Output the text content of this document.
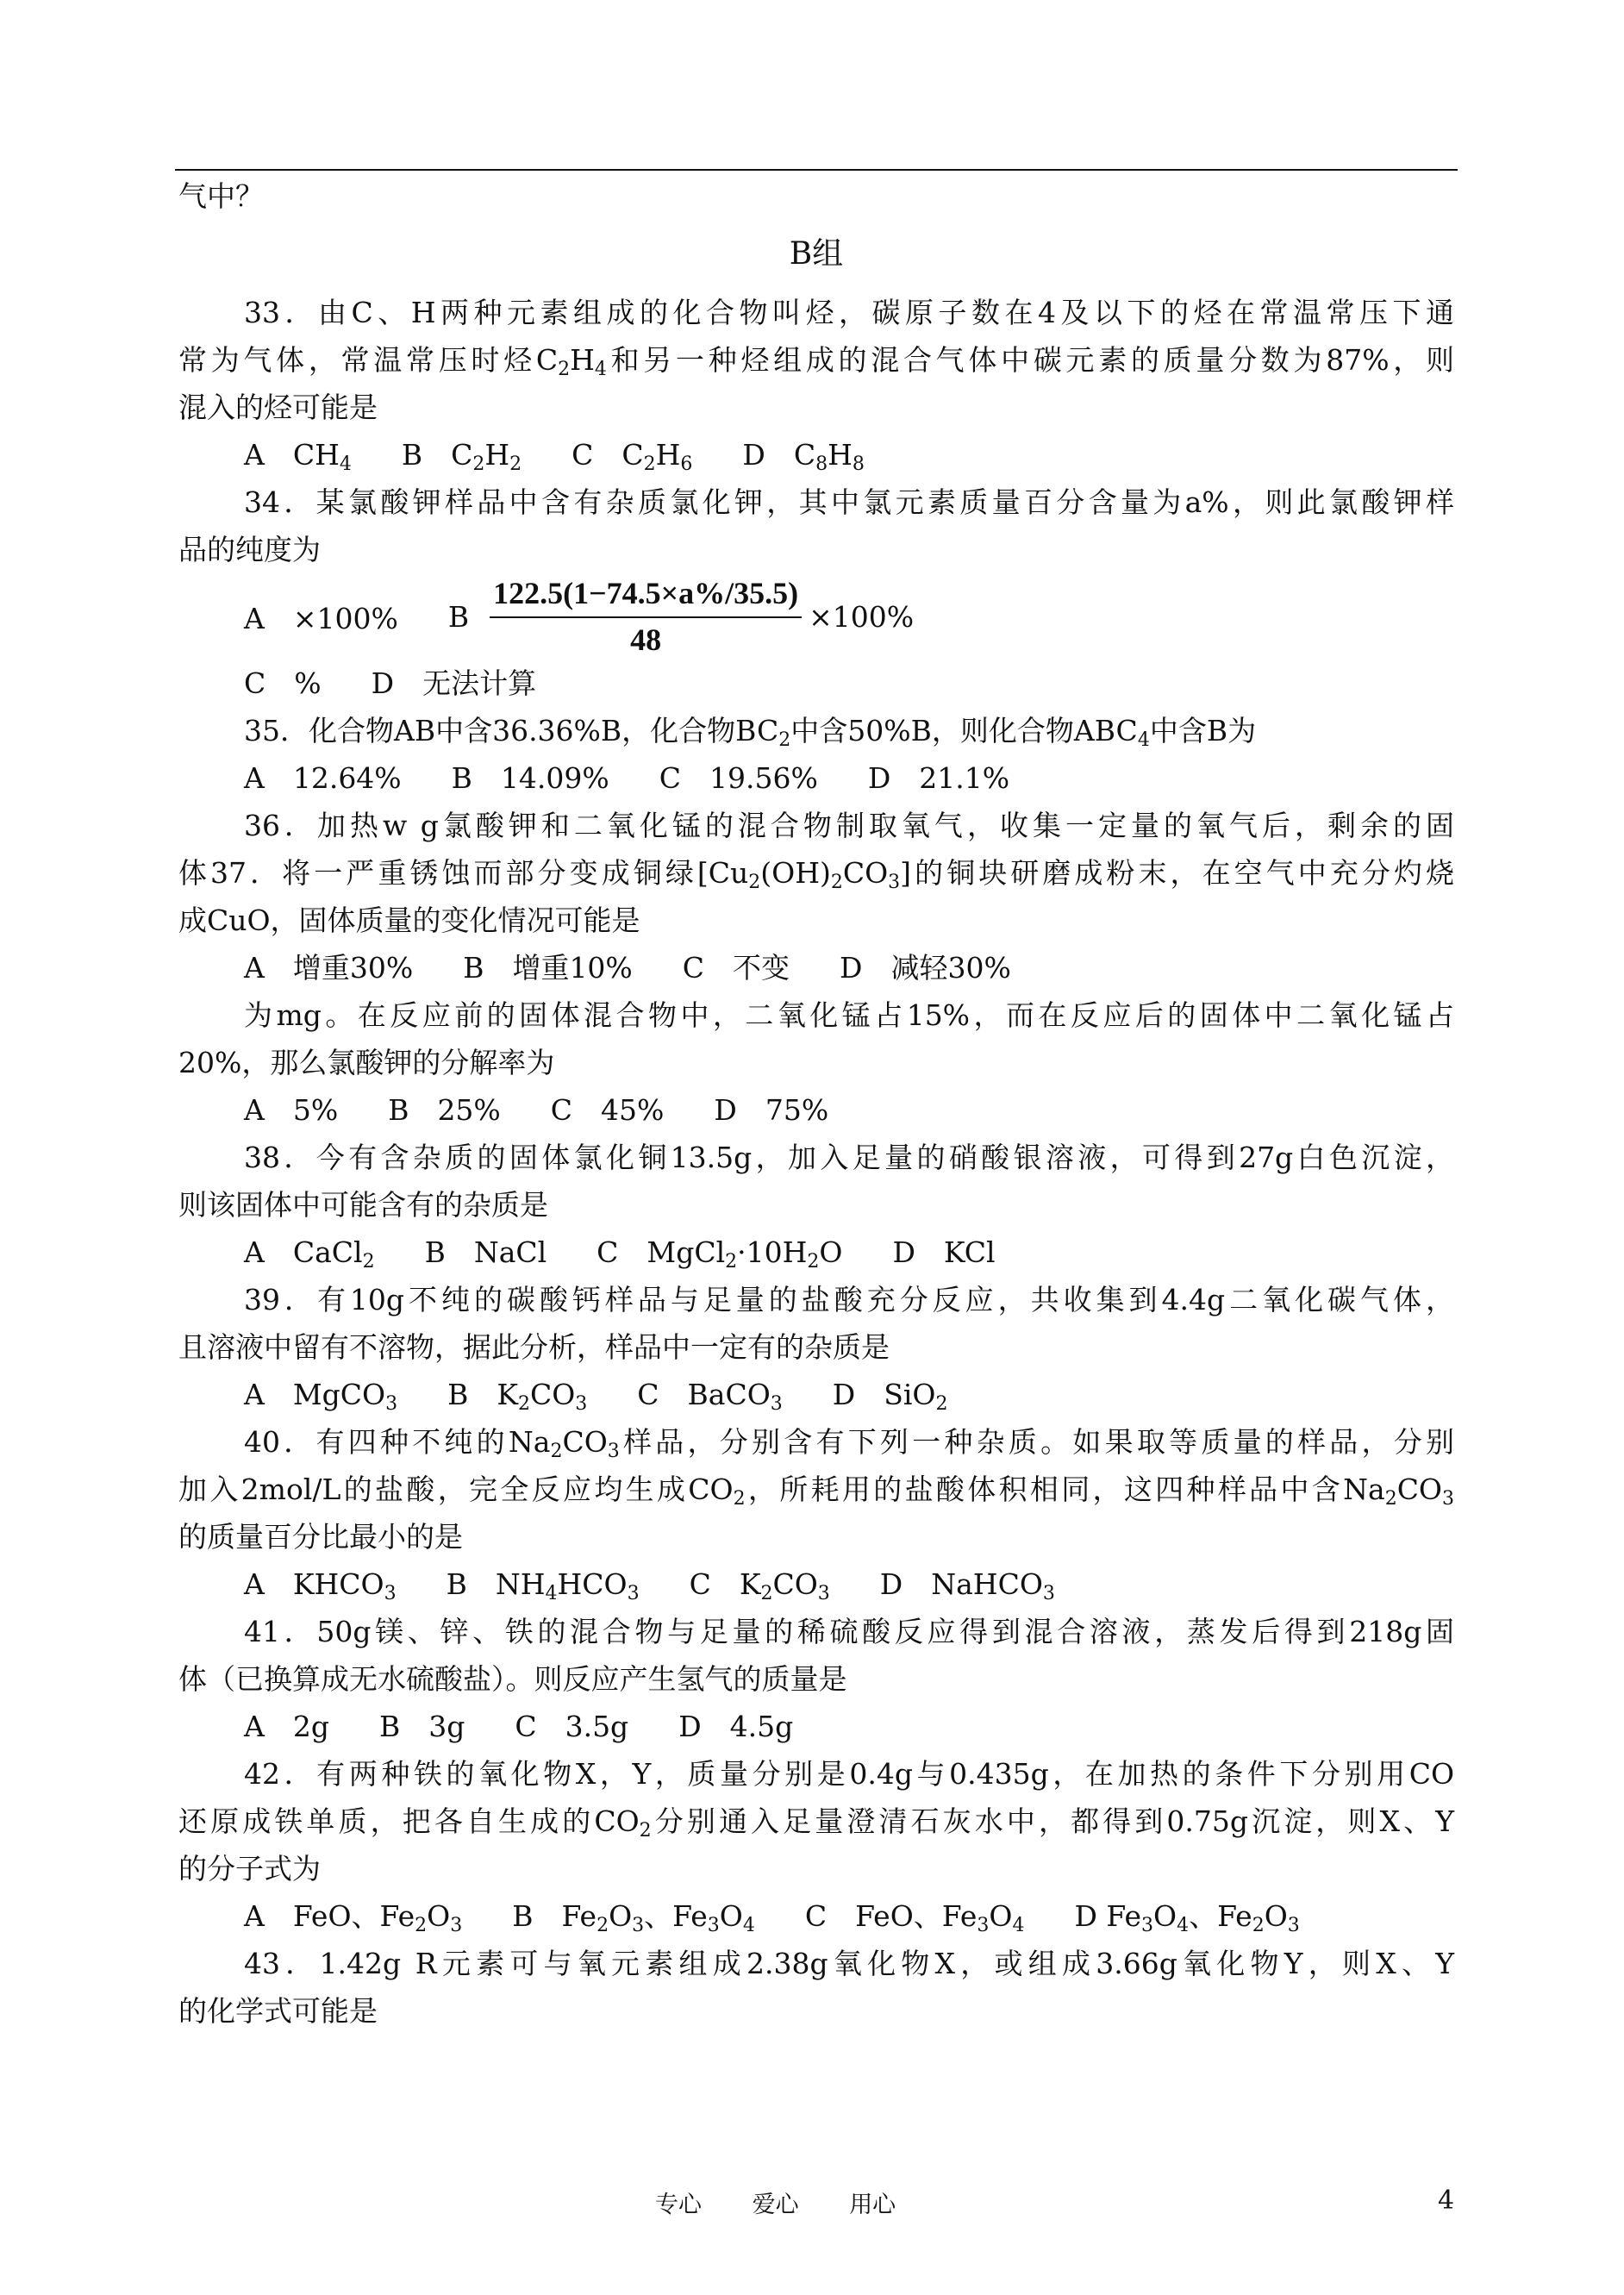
气中？
B组
33．由C、H两种元素组成的化合物叫烃，碳原子数在4及以下的烃在常温常压下通
常为气体，常温常压时烃$C_2H_4$和另一种烃组成的混合气体中碳元素的质量分数为87%，则
混入的烃可能是
A　$CH_4$ B　$C_2H_2$ C　$C_2H_6$ D　$C_8H_8$
34．某氯酸钾样品中含有杂质氯化钾，其中氯元素质量百分含量为a%，则此氯酸钾样
品的纯度为
A　×100% B $\frac{122.5(1-74.5\times a\%/35.5)}{48} \times 100\%$
C　% D　无法计算
35．化合物AB中含36.36%B，化合物$BC_2$中含50%B，则化合物$ABC_4$中含B为
A　12.64% B　14.09% C　19.56% D　21.1%
36．加热w g氯酸钾和二氧化锰的混合物制取氧气，收集一定量的氧气后，剩余的固
体37．将一严重锈蚀而部分变成铜绿$[Cu_2(OH)_2CO_3]$的铜块研磨成粉末，在空气中充分灼烧
成CuO，固体质量的变化情况可能是
A　增重30% B　增重10% C　不变 D　减轻30%
为mg。在反应前的固体混合物中，二氧化锰占15%，而在反应后的固体中二氧化锰占
20%，那么氯酸钾的分解率为
A　5% B　25% C　45% D　75%
38．今有含杂质的固体氯化铜13.5g，加入足量的硝酸银溶液，可得到27g白色沉淀，
则该固体中可能含有的杂质是
A　CaCl$_2$ B　NaCl C　$MgCl_2\cdot 10H_2O$ D　KCl
39．有10g不纯的碳酸钙样品与足量的盐酸充分反应，共收集到4.4g二氧化碳气体，
且溶液中留有不溶物，据此分析，样品中一定有的杂质是
A　MgCO$_3$ B　$K_2CO_3$ C　BaCO$_3$ D　SiO$_2$
40．有四种不纯的$Na_2CO_3$样品，分别含有下列一种杂质。如果取等质量的样品，分别
加入2mol/L的盐酸，完全反应均生成$CO_2$，所耗用的盐酸体积相同，这四种样品中含$Na_2CO_3$
的质量百分比最小的是
A　$KHCO_3$ B　$NH_4HCO_3$ C　$K_2CO_3$ D　NaHCO$_3$
41．50g镁、锌、铁的混合物与足量的稀硫酸反应得到混合溶液，蒸发后得到218g固
体（已换算成无水硫酸盐）。则反应产生氢气的质量是
A　2g B　3g C　3.5g D　4.5g
42．有两种铁的氧化物X，Y，质量分别是0.4g与0.435g，在加热的条件下分别用CO
还原成铁单质，把各自生成的$CO_2$分别通入足量澄清石灰水中，都得到0.75g沉淀，则X、Y
的分子式为
A　FeO、$Fe_2O_3$ B　$Fe_2O_3$、$Fe_3O_4$ C　FeO、$Fe_3O_4$ D $Fe_3O_4$、$Fe_2O_3$
43．1.42g R元素可与氧元素组成2.38g氧化物X，或组成3.66g氧化物Y，则X、Y
的化学式可能是
专心 爱心 用心	4
